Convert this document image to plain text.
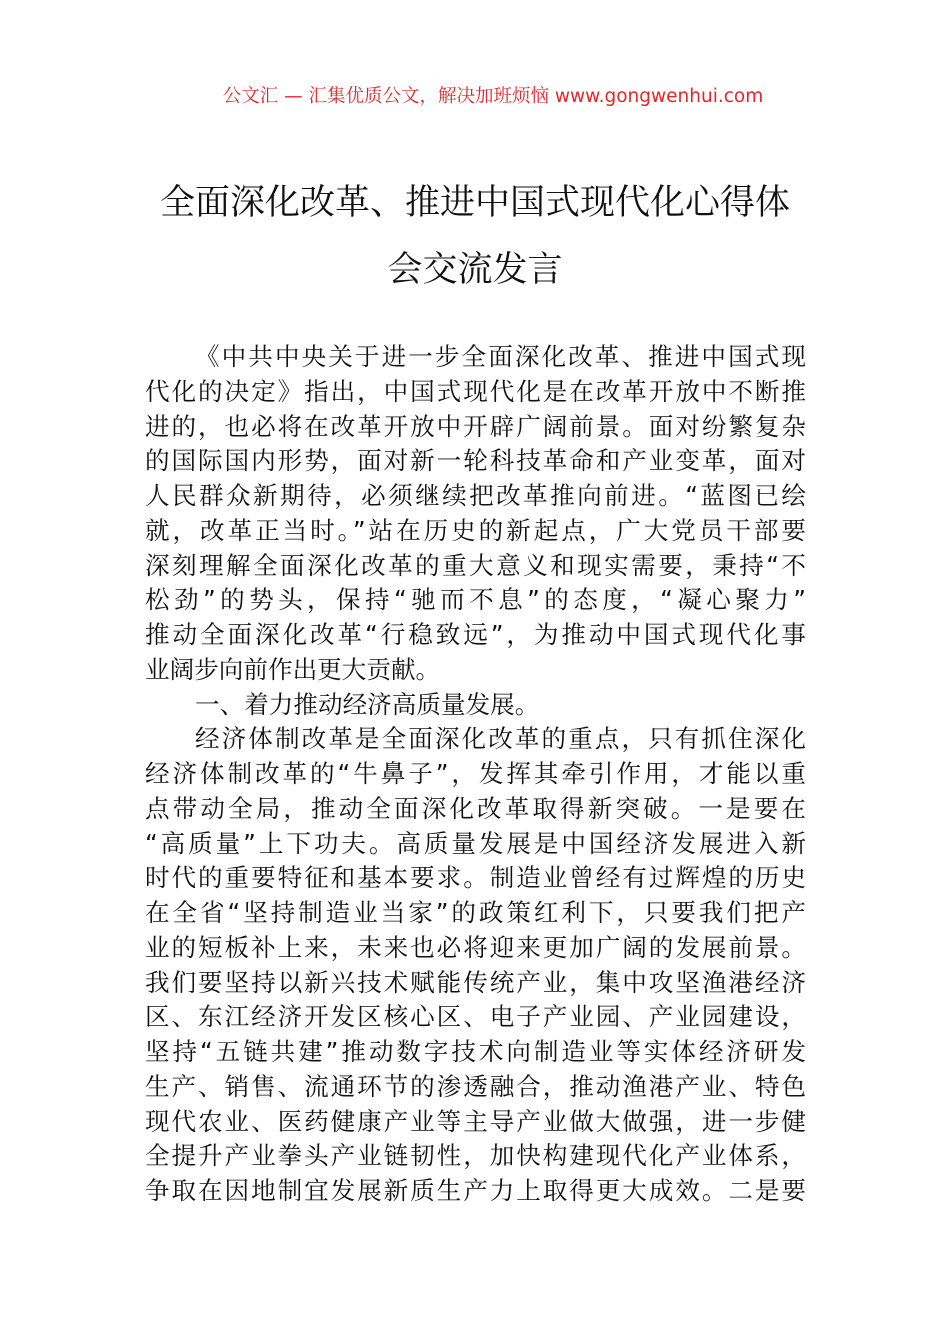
公文汇 — 汇集优质公文，解决加班烦恼 www.gongwenhui.com
全面深化改革、推进中国式现代化心得体
会交流发言
《中共中央关于进一步全面深化改革、推进中国式现
代化的决定》指出，中国式现代化是在改革开放中不断推
进的，也必将在改革开放中开辟广阔前景。面对纷繁复杂
的国际国内形势，面对新一轮科技革命和产业变革，面对
人民群众新期待，必须继续把改革推向前进。“蓝图已绘
就，改革正当时。”站在历史的新起点，广大党员干部要
深刻理解全面深化改革的重大意义和现实需要，秉持“不
松劲”的势头，保持“驰而不息”的态度，“凝心聚力”
推动全面深化改革“行稳致远”，为推动中国式现代化事
业阔步向前作出更大贡献。
一、着力推动经济高质量发展。
经济体制改革是全面深化改革的重点，只有抓住深化
经济体制改革的“牛鼻子”，发挥其牵引作用，才能以重
点带动全局，推动全面深化改革取得新突破。一是要在
“高质量”上下功夫。高质量发展是中国经济发展进入新
时代的重要特征和基本要求。制造业曾经有过辉煌的历史
在全省“坚持制造业当家”的政策红利下，只要我们把产
业的短板补上来，未来也必将迎来更加广阔的发展前景。
我们要坚持以新兴技术赋能传统产业，集中攻坚渔港经济
区、东江经济开发区核心区、电子产业园、产业园建设，
坚持“五链共建”推动数字技术向制造业等实体经济研发
生产、销售、流通环节的渗透融合，推动渔港产业、特色
现代农业、医药健康产业等主导产业做大做强，进一步健
全提升产业拳头产业链韧性，加快构建现代化产业体系，
争取在因地制宜发展新质生产力上取得更大成效。二是要
